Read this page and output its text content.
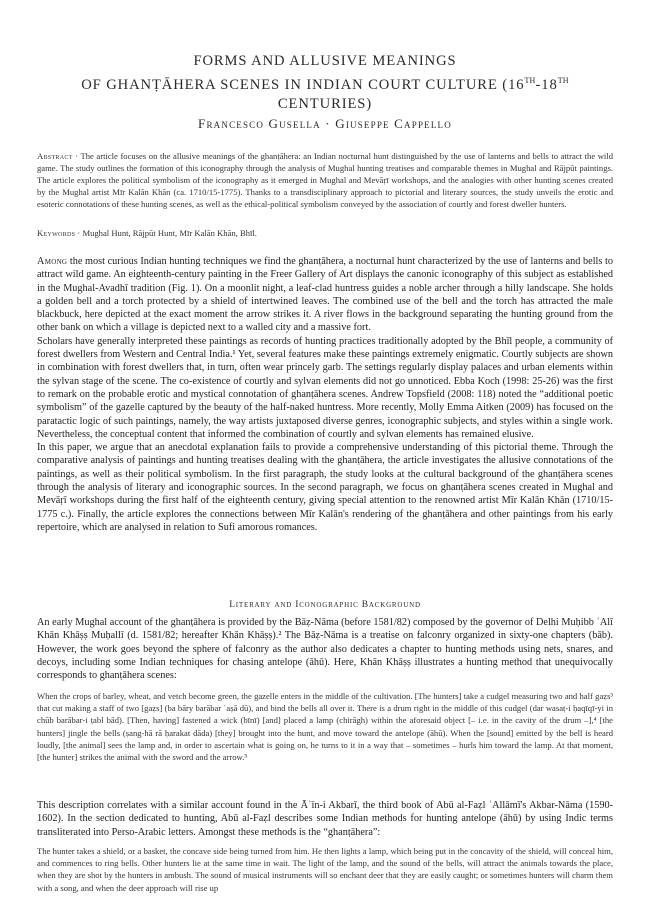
FORMS AND ALLUSIVE MEANINGS
OF GHANṬĀHERA SCENES IN INDIAN COURT CULTURE (16TH-18TH
CENTURIES)
Francesco Gusella · Giuseppe Cappello
Abstract · The article focuses on the allusive meanings of the ghanṭāhera: an Indian nocturnal hunt distinguished by the use of lanterns and bells to attract the wild game. The study outlines the formation of this iconography through the analysis of Mughal hunting treatises and comparable themes in Mughal and Rājpūt paintings. The article explores the political symbolism of the iconography as it emerged in Mughal and Mevāṛī workshops, and the analogies with other hunting scenes created by the Mughal artist Mīr Kalān Khān (ca. 1710/15-1775). Thanks to a transdisciplinary approach to pictorial and literary sources, the study unveils the erotic and esoteric connotations of these hunting scenes, as well as the ethical-political symbolism conveyed by the association of courtly and forest dweller hunters.
Keywords · Mughal Hunt, Rājpūt Hunt, Mīr Kalān Khān, Bhīl.

Among the most curious Indian hunting techniques we find the ghanṭāhera, a nocturnal hunt characterized by the use of lanterns and bells to attract wild game. An eighteenth-century painting in the Freer Gallery of Art displays the canonic iconography of this subject as established in the Mughal-Avadhī tradition (Fig. 1). On a moonlit night, a leaf-clad huntress guides a noble archer through a hilly landscape. She holds a golden bell and a torch protected by a shield of intertwined leaves. The combined use of the bell and the torch has attracted the male blackbuck, here depicted at the exact moment the arrow strikes it. A river flows in the background separating the hunting ground from the other bank on which a village is depicted next to a walled city and a massive fort.

Scholars have generally interpreted these paintings as records of hunting practices traditionally adopted by the Bhīl people, a community of forest dwellers from Western and Central India.¹ Yet, several features make these paintings extremely enigmatic. Courtly subjects are shown in combination with forest dwellers that, in turn, often wear princely garb. The settings regularly display palaces and urban elements within the sylvan stage of the scene. The co-existence of courtly and sylvan elements did not go unnoticed. Ebba Koch (1998: 25-26) was the first to remark on the probable erotic and mystical connotation of ghanṭāhera scenes. Andrew Topsfield (2008: 118) noted the “additional poetic symbolism” of the gazelle captured by the beauty of the half-naked huntress. More recently, Molly Emma Aitken (2009) has focused on the paratactic logic of such paintings, namely, the way artists juxtaposed diverse genres, iconographic subjects, and styles within a single work. Nevertheless, the conceptual content that informed the combination of courtly and sylvan elements has remained elusive.

In this paper, we argue that an anecdotal explanation fails to provide a comprehensive understanding of this pictorial theme. Through the comparative analysis of paintings and hunting treatises dealing with the ghanṭāhera, the article investigates the allusive connotations of the paintings, as well as their political symbolism. In the first paragraph, the study looks at the cultural background of the ghanṭāhera scenes through the analysis of literary and iconographic sources. In the second paragraph, we focus on ghanṭāhera scenes created in Mughal and Mevāṛī workshops during the first half of the eighteenth century, giving special attention to the renowned artist Mīr Kalān Khān (1710/15-1775 c.). Finally, the article explores the connections between Mīr Kalān's rendering of the ghanṭāhera and other paintings from his early repertoire, which are analysed in relation to Sufi amorous romances.

Literary and Iconographic Background
An early Mughal account of the ghanṭāhera is provided by the Bāẓ-Nāma (before 1581/82) composed by the governor of Delhi Muḥibb ʿAlī Khān Khāṣṣ Muḥallī (d. 1581/82; hereafter Khān Khāṣṣ).² The Bāẓ-Nāma is a treatise on falconry organized in sixty-one chapters (bāb). However, the work goes beyond the sphere of falconry as the author also dedicates a chapter to hunting methods using nets, snares, and decoys, including some Indian techniques for chasing antelope (āhū). Here, Khān Khāṣṣ illustrates a hunting method that unequivocally corresponds to ghanṭāhera scenes:
When the crops of barley, wheat, and vetch become green, the gazelle enters in the middle of the cultivation. [The hunters] take a cudgel measuring two and half gaẓs³ that cut making a staff of two [gaẓs] (ba bāry barābar ʿaṣā dū), and bind the bells all over it. There is a drum right in the middle of this cudgel (dar wasaṭ-i ḥaqīqī-yi in chūb barābar-i ṭabl bād). [Then, having] fastened a wick (bīnī) [and] placed a lamp (chirāgh) within the aforesaid object [– i.e. in the cavity of the drum –],⁴ [the hunters] jingle the bells (ṣang-hā rā ḥarakat dāda) [they] brought into the hunt, and move toward the antelope (āhū). When the [sound] emitted by the bell is heard loudly, [the animal] sees the lamp and, in order to ascertain what is going on, he turns to it in a way that – sometimes – hurls him toward the lamp. At that moment, [the hunter] strikes the animal with the sword and the arrow.⁵
This description correlates with a similar account found in the Āʾīn-i Akbarī, the third book of Abū al-Faẓl ʿAllāmī's Akbar-Nāma (1590-1602). In the section dedicated to hunting, Abū al-Faẓl describes some Indian methods for hunting antelope (āhū) by using Indic terms transliterated into Perso-Arabic letters. Amongst these methods is the “ghanṭāhera”:
The hunter takes a shield, or a basket, the concave side being turned from him. He then lights a lamp, which being put in the concavity of the shield, will conceal him, and commences to ring bells. Other hunters lie at the same time in wait. The light of the lamp, and the sound of the bells, will attract the animals towards the place, when they are shot by the hunters in ambush. The sound of musical instruments will so enchant deer that they are easily caught; or sometimes hunters will charm them with a song, and when the deer approach will rise up
